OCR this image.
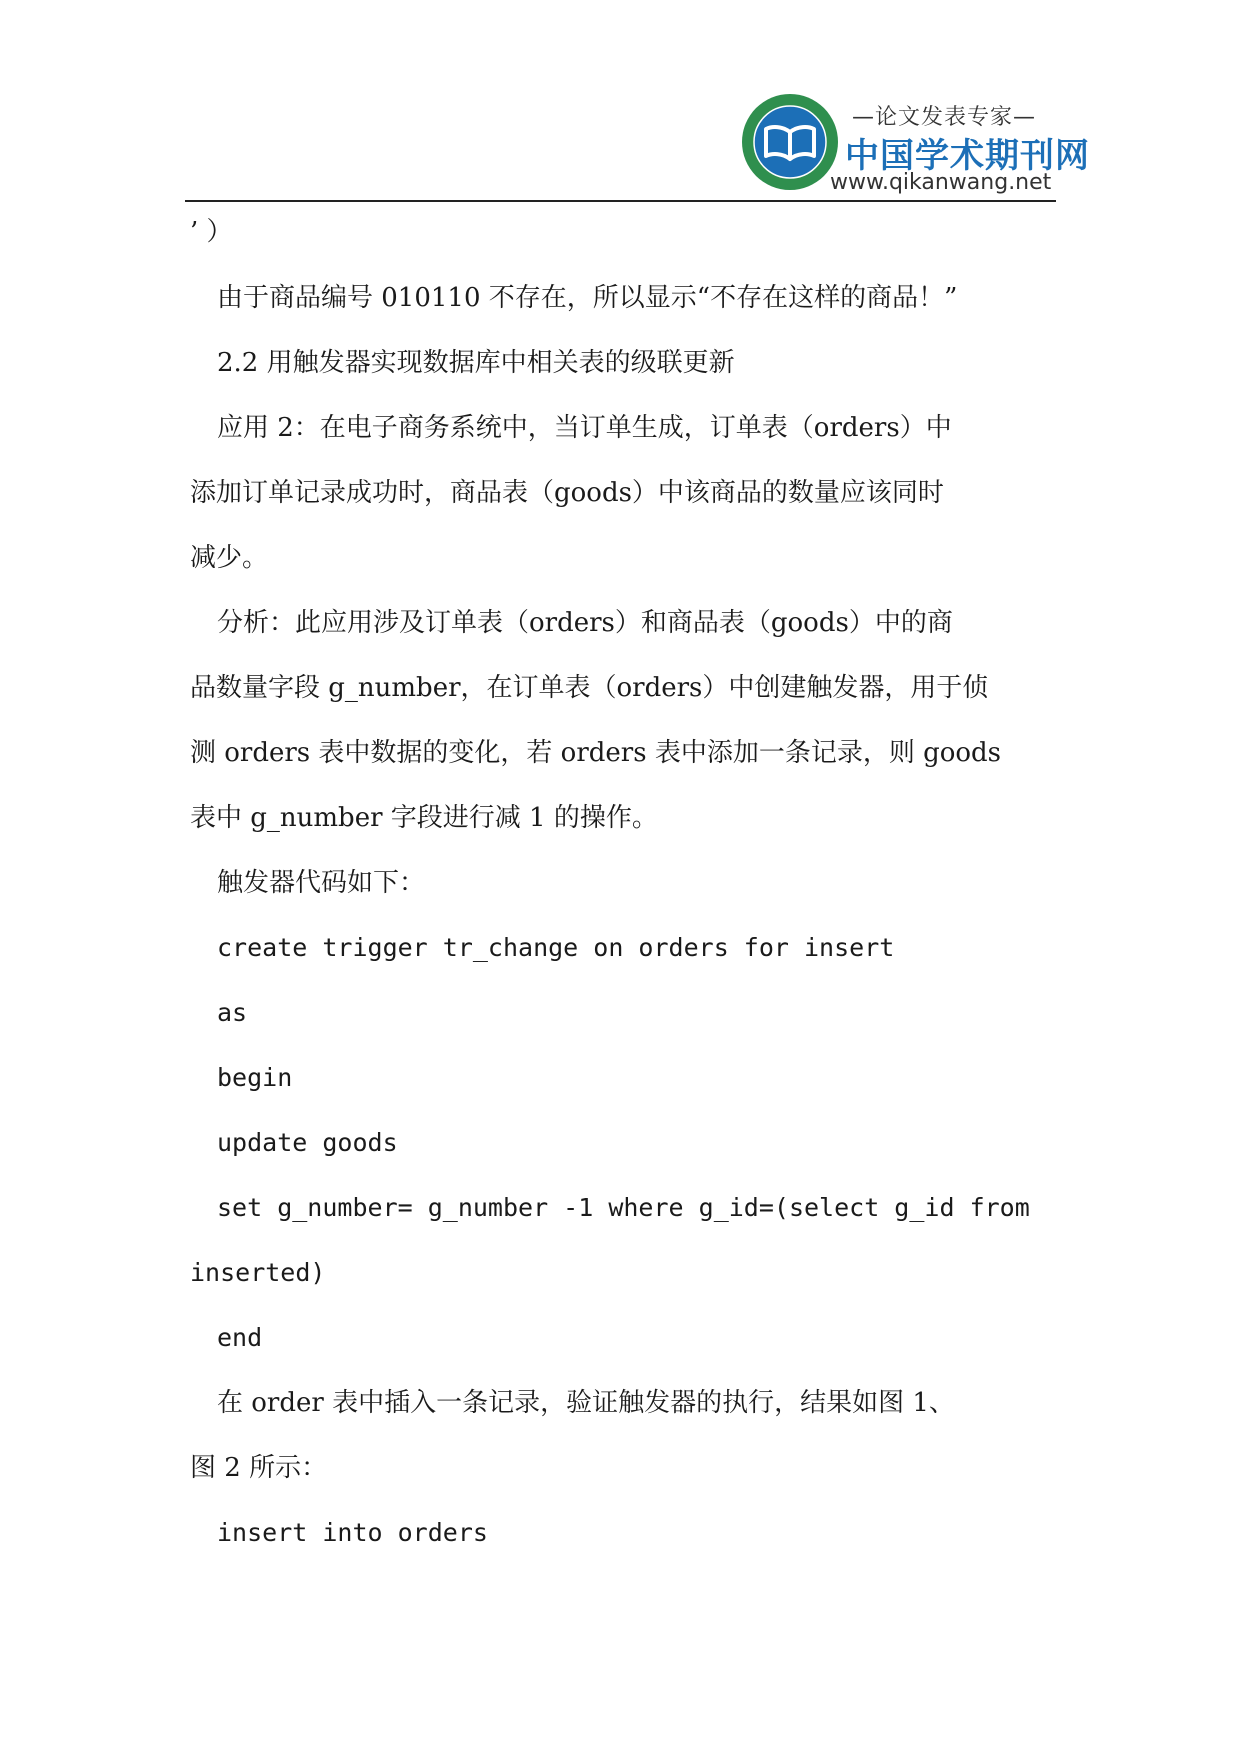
—论文发表专家—
中国学术期刊网
www.qikanwang.net
’ ）
由于商品编号 010110 不存在，所以显示“不存在这样的商品！”
2.2 用触发器实现数据库中相关表的级联更新
应用 2：在电子商务系统中，当订单生成，订单表（orders）中
添加订单记录成功时，商品表（goods）中该商品的数量应该同时
减少。
分析：此应用涉及订单表（orders）和商品表（goods）中的商
品数量字段 g_number，在订单表（orders）中创建触发器，用于侦
测 orders 表中数据的变化，若 orders 表中添加一条记录，则 goods
表中 g_number 字段进行减 1 的操作。
触发器代码如下：
create trigger tr_change on orders for insert
as
begin
update goods
set g_number= g_number -1 where g_id=(select g_id from
inserted)
end
在 order 表中插入一条记录，验证触发器的执行，结果如图 1、
图 2 所示：
insert into orders
